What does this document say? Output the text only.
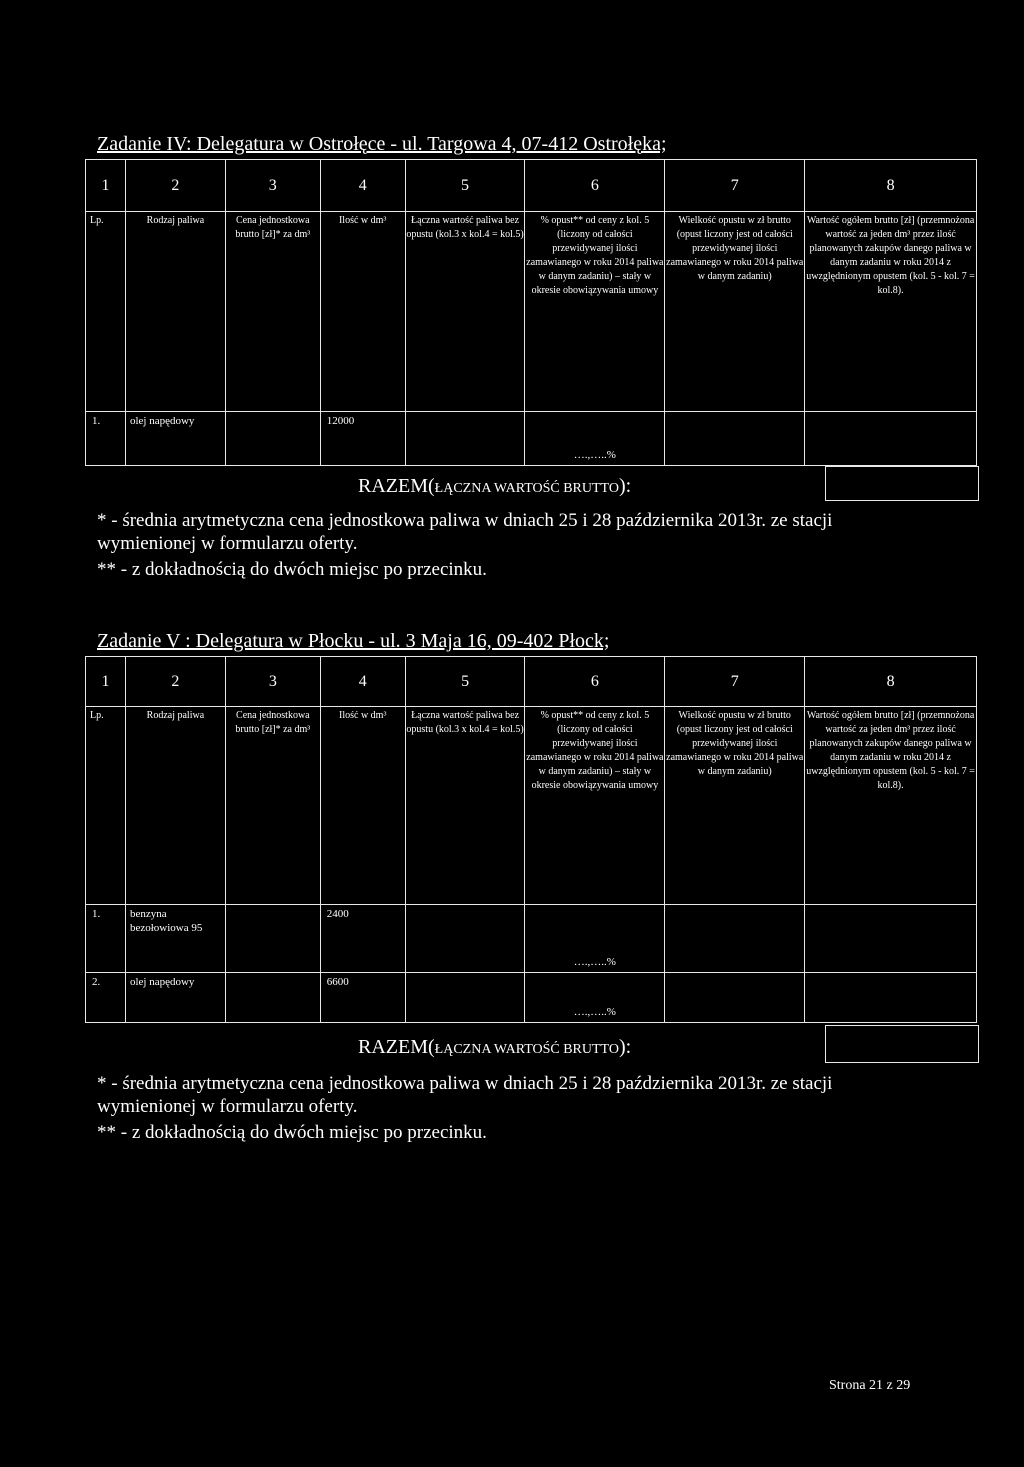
Zadanie IV: Delegatura w Ostrołęce - ul. Targowa 4, 07-412 Ostrołęka;
1	2	3	4	5	6	7	8
Lp.	Rodzaj paliwa	Cena jednostkowa brutto [zł]* za dm³	Ilość w dm³	Łączna wartość paliwa bez opustu (kol.3 x kol.4 = kol.5)	% opust** od ceny z kol. 5 (liczony od całości przewidywanej ilości zamawianego w roku 2014 paliwa w danym zadaniu) – stały w okresie obowiązywania umowy	Wielkość opustu w zł brutto (opust liczony jest od całości przewidywanej ilości zamawianego w roku 2014 paliwa w danym zadaniu)	Wartość ogółem brutto [zł] (przemnożona wartość za jeden dm³ przez ilość planowanych zakupów danego paliwa w danym zadaniu w roku 2014 z uwzględnionym opustem (kol. 5 - kol. 7 = kol.8).
1.	olej napędowy		12000		….,…..%		
RAZEM(ŁĄCZNA WARTOŚĆ BRUTTO):
* - średnia arytmetyczna cena jednostkowa paliwa w dniach 25 i 28 października 2013r. ze stacji
wymienionej w formularzu oferty.
** - z dokładnością do dwóch miejsc po przecinku.
Zadanie V : Delegatura w Płocku - ul. 3 Maja 16, 09-402 Płock;
1	2	3	4	5	6	7	8
Lp.	Rodzaj paliwa	Cena jednostkowa brutto [zł]* za dm³	Ilość w dm³	Łączna wartość paliwa bez opustu (kol.3 x kol.4 = kol.5)	% opust** od ceny z kol. 5 (liczony od całości przewidywanej ilości zamawianego w roku 2014 paliwa w danym zadaniu) – stały w okresie obowiązywania umowy	Wielkość opustu w zł brutto (opust liczony jest od całości przewidywanej ilości zamawianego w roku 2014 paliwa w danym zadaniu)	Wartość ogółem brutto [zł] (przemnożona wartość za jeden dm³ przez ilość planowanych zakupów danego paliwa w danym zadaniu w roku 2014 z uwzględnionym opustem (kol. 5 - kol. 7 = kol.8).
1.	benzyna bezołowiowa 95		2400		….,…..%		
2.	olej napędowy		6600		….,…..%		
RAZEM(ŁĄCZNA WARTOŚĆ BRUTTO):
* - średnia arytmetyczna cena jednostkowa paliwa w dniach 25 i 28 października 2013r. ze stacji
wymienionej w formularzu oferty.
** - z dokładnością do dwóch miejsc po przecinku.
Strona 21 z 29
